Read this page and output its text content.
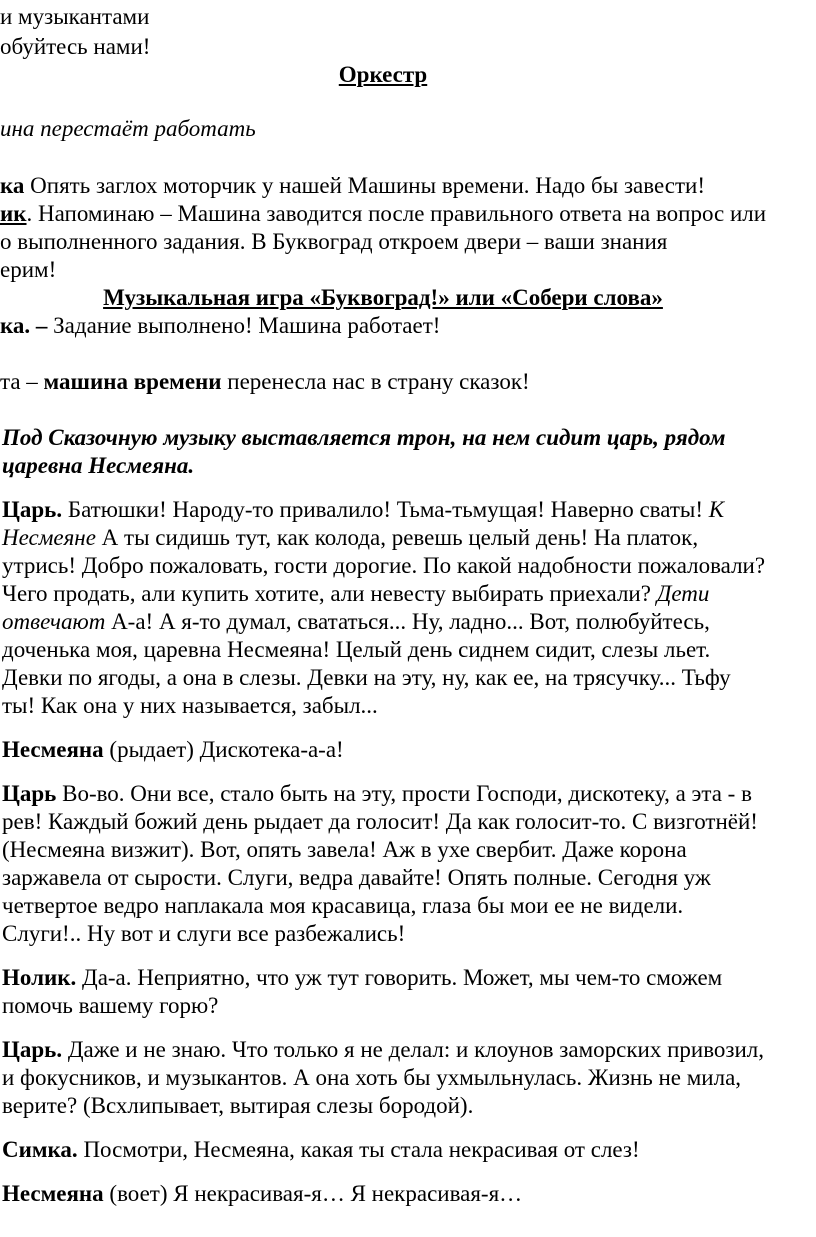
и музыкантами
обуйтесь нами!
Оркестр
ина перестаёт работать
ка Опять заглох моторчик у нашей Машины времени. Надо бы завести!
ик. Напоминаю – Машина заводится после правильного ответа на вопрос или
о выполненного задания. В Буквоград откроем двери – ваши знания
ерим!
Музыкальная игра «Буквоград!» или «Собери слова»
ка. – Задание выполнено! Машина работает!
та – машина времени перенесла нас в страну сказок!
Под Сказочную музыку выставляется трон, на нем сидит царь, рядом
царевна Несмеяна.
Царь. Батюшки! Народу-то привалило! Тьма-тьмущая! Наверно сваты! К
Несмеяне А ты сидишь тут, как колода, ревешь целый день! На платок,
утрись! Добро пожаловать, гости дорогие. По какой надобности пожаловали?
Чего продать, али купить хотите, али невесту выбирать приехали? Дети
отвечают А-а! А я-то думал, свататься... Ну, ладно... Вот, полюбуйтесь,
доченька моя, царевна Несмеяна! Целый день сиднем сидит, слезы льет.
Девки по ягоды, а она в слезы. Девки на эту, ну, как ее, на трясучку... Тьфу
ты! Как она у них называется, забыл...
Несмеяна (рыдает) Дискотека-а-а!
Царь Во-во. Они все, стало быть на эту, прости Господи, дискотеку, а эта - в
рев! Каждый божий день рыдает да голосит! Да как голосит-то. С визготнёй!
(Несмеяна визжит). Вот, опять завела! Аж в ухе свербит. Даже корона
заржавела от сырости. Слуги, ведра давайте! Опять полные. Сегодня уж
четвертое ведро наплакала моя красавица, глаза бы мои ее не видели.
Слуги!.. Ну вот и слуги все разбежались!
Нолик. Да-а. Неприятно, что уж тут говорить. Может, мы чем-то сможем
помочь вашему горю?
Царь. Даже и не знаю. Что только я не делал: и клоунов заморских привозил,
и фокусников, и музыкантов. А она хоть бы ухмыльнулась. Жизнь не мила,
верите? (Всхлипывает, вытирая слезы бородой).
Симка. Посмотри, Несмеяна, какая ты стала некрасивая от слез!
Несмеяна (воет) Я некрасивая-я… Я некрасивая-я…
